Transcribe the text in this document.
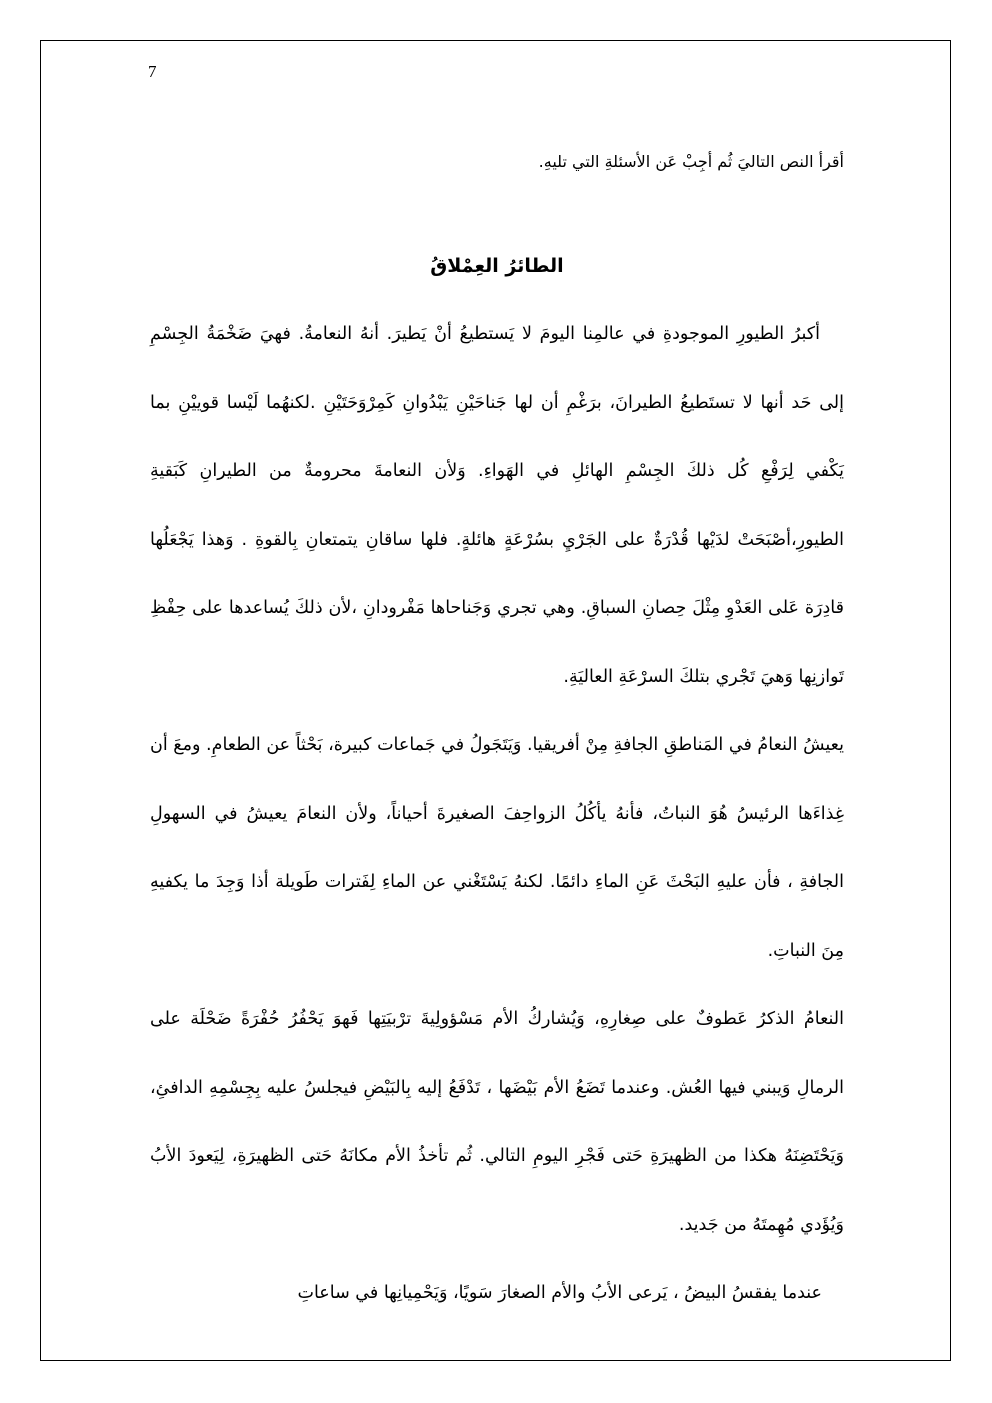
7

أقرأ النص التاليَ ثُم أجِبْ عَن الأسئلةِ التي تليهِ.

الطائرُ العِمْلاقُ

أكبرُ الطيورِ الموجودةِ في عالمِنا اليومَ لا يَستطيعُ أنْ يَطيرَ. أنهُ النعامةُ. فهيَ ضَخْمَةُ الجِسْمِ إلى حَد أنها لا تستَطيعُ الطيرانَ، برَغْمِ أن لها جَناحَيْنِ يَبْدُوانِ كَمِرْوَحَتَيْنِ .لكنهُما لَيْسا قوييْنِ بما يَكْفي لِرَفْعِ كُل ذلكَ الجِسْمِ الهائلِ في الهَواءِ. وَلأن النعامةَ محرومةٌ من الطيرانِ كَبَقيةِ الطيورِ،أصْبَحَتْ لدَيْها قُدْرَةٌ على الجَرْيِ بسُرْعَةٍ هائلةٍ. فلها ساقانِ يتمتعانِ بِالقوةِ . وَهذا يَجْعَلُها قادِرَة عَلى العَدْوِ مِثْلَ حِصانِ السباقِ. وهي تجري وَجَناحاها مَفْرودانِ ،لأن ذلكَ يُساعدها على حِفْظِ تَوازنِها وَهيَ تَجْري بتلكَ السرْعَةِ العاليَةِ.

يعيشُ النعامُ في المَناطقِ الجافةِ مِنْ أفريقيا. وَيَتَجَولُ في جَماعات كبيرة، بَحْثاً عن الطعامِ. ومعَ أن غِذاءَها الرئيسُ هُوَ النباتُ، فأنهُ يأكُلُ الزواحِفَ الصغيرةَ أحياناً، ولأن النعامَ يعيشُ في السهولِ الجافةِ ، فأن عليهِ البَحْثَ عَنِ الماءِ دائمًا. لكنهُ يَسْتَغْني عن الماءِ لِفَترات طَويلة أذا وَجِدَ ما يكفيهِ مِنَ النباتِ.

النعامُ الذكرُ عَطوفٌ على صِغارِهِ، وَيُشاركُ الأم مَسْؤولِيةَ ترْبيَتِها فَهوَ يَحْفُرُ حُفْرَةً ضَحْلَة على الرمالِ وَيبني فيها العُش. وعندما تَضَعُ الأم بَيْضَها ، تَدْفَعُ إليه بِالبَيْضِ فيجلسُ عليه بِجِسْمِهِ الدافئِ، وَيَحْتَضِنَهُ هكذا من الظهيرَةِ حَتى فَجْرِ اليومِ التالي. ثُم تأخذُ الأم مكانَهُ حَتى الظهيرَةِ، لِيَعودَ الأبُ وَيُؤَدي مُهِمتَهُ من جَديد.

عندما يفقسُ البيضُ ، يَرعى الأبُ والأم الصغارَ سَويًا، وَيَحْمِيانِها في ساعاتِ
